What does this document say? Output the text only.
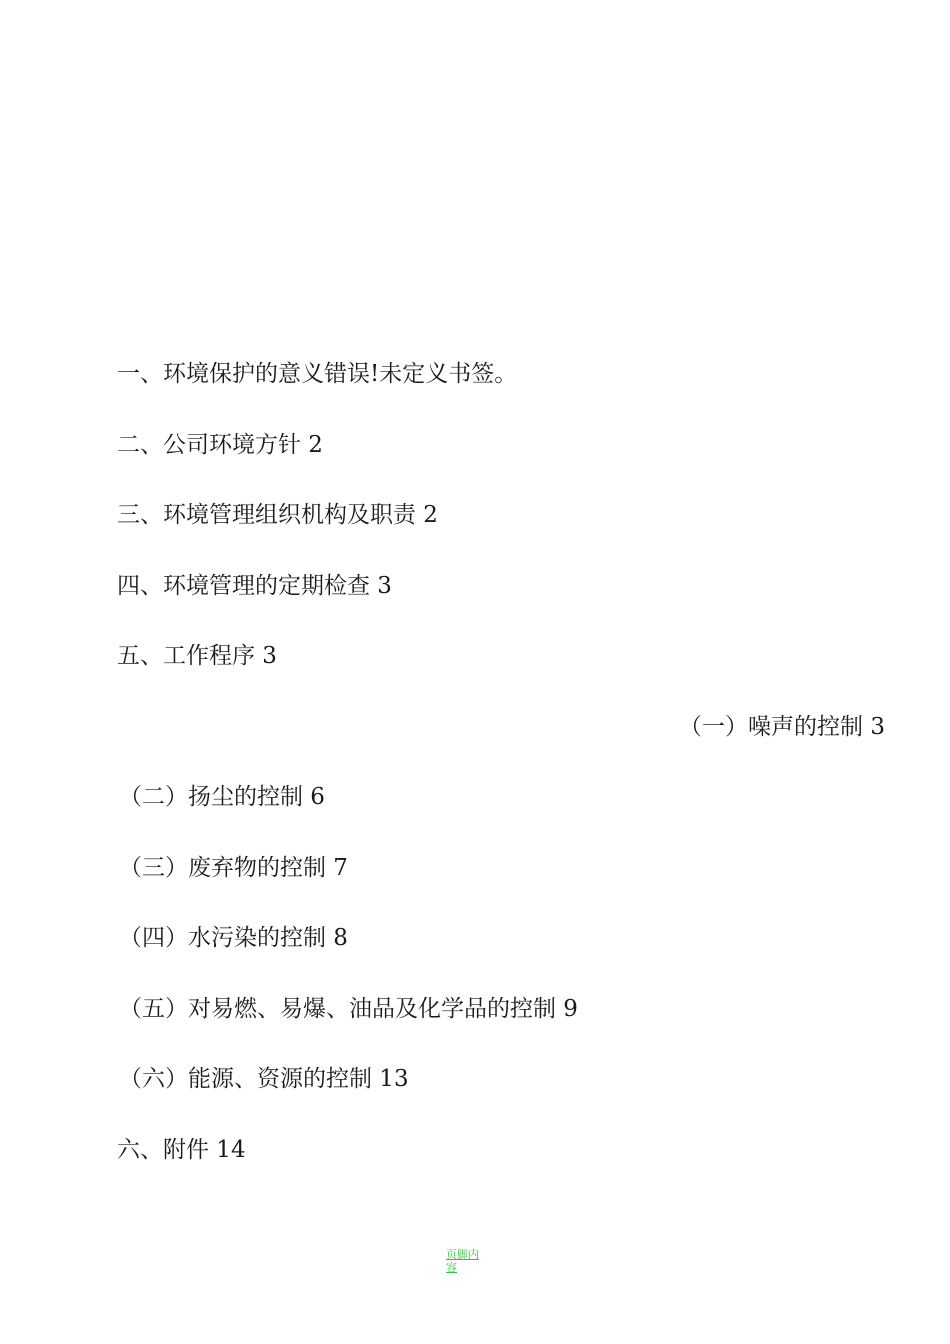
一、环境保护的意义错误!未定义书签。
二、公司环境方针 2
三、环境管理组织机构及职责 2
四、环境管理的定期检查 3
五、工作程序 3
（一）噪声的控制 3
（二）扬尘的控制 6
（三）废弃物的控制 7
（四）水污染的控制 8
（五）对易燃、易爆、油品及化学品的控制 9
（六）能源、资源的控制 13
六、附件 14
页脚内容
